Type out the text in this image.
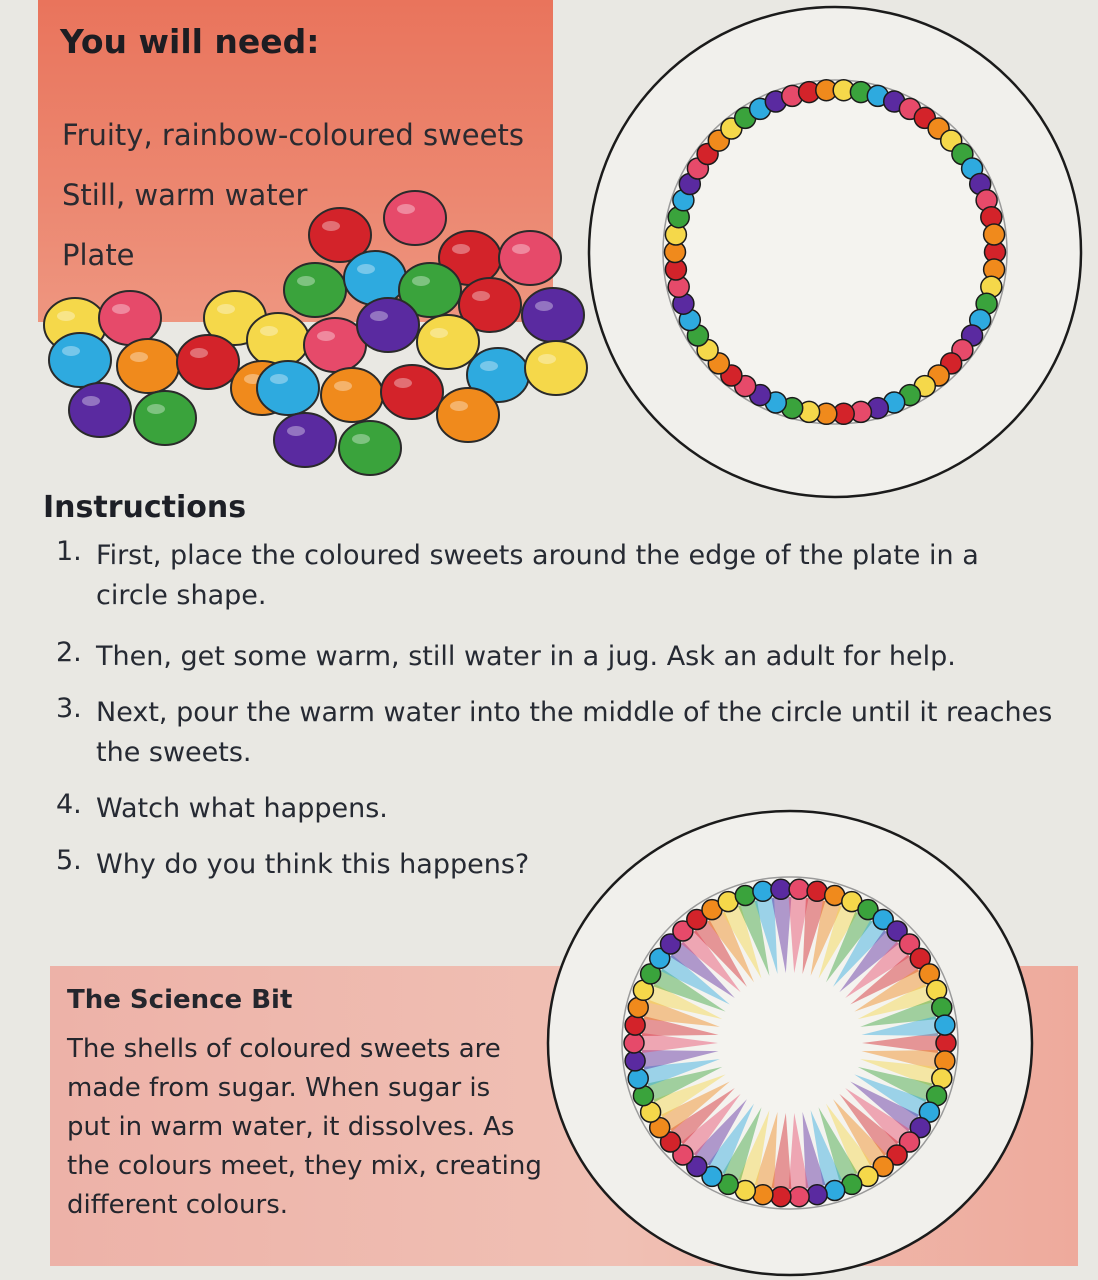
You will need:

Fruity, rainbow-coloured sweets

Still, warm water

Plate

Instructions
1. First, place the coloured sweets around the edge of the plate in a
circle shape.
2. Then, get some warm, still water in a jug. Ask an adult for help.
3. Next, pour the warm water into the middle of the circle until it reaches
the sweets.
4. Watch what happens.
5. Why do you think this happens?
The Science Bit

The shells of coloured sweets are
made from sugar. When sugar is
put in warm water, it dissolves. As
the colours meet, they mix, creating
different colours.
